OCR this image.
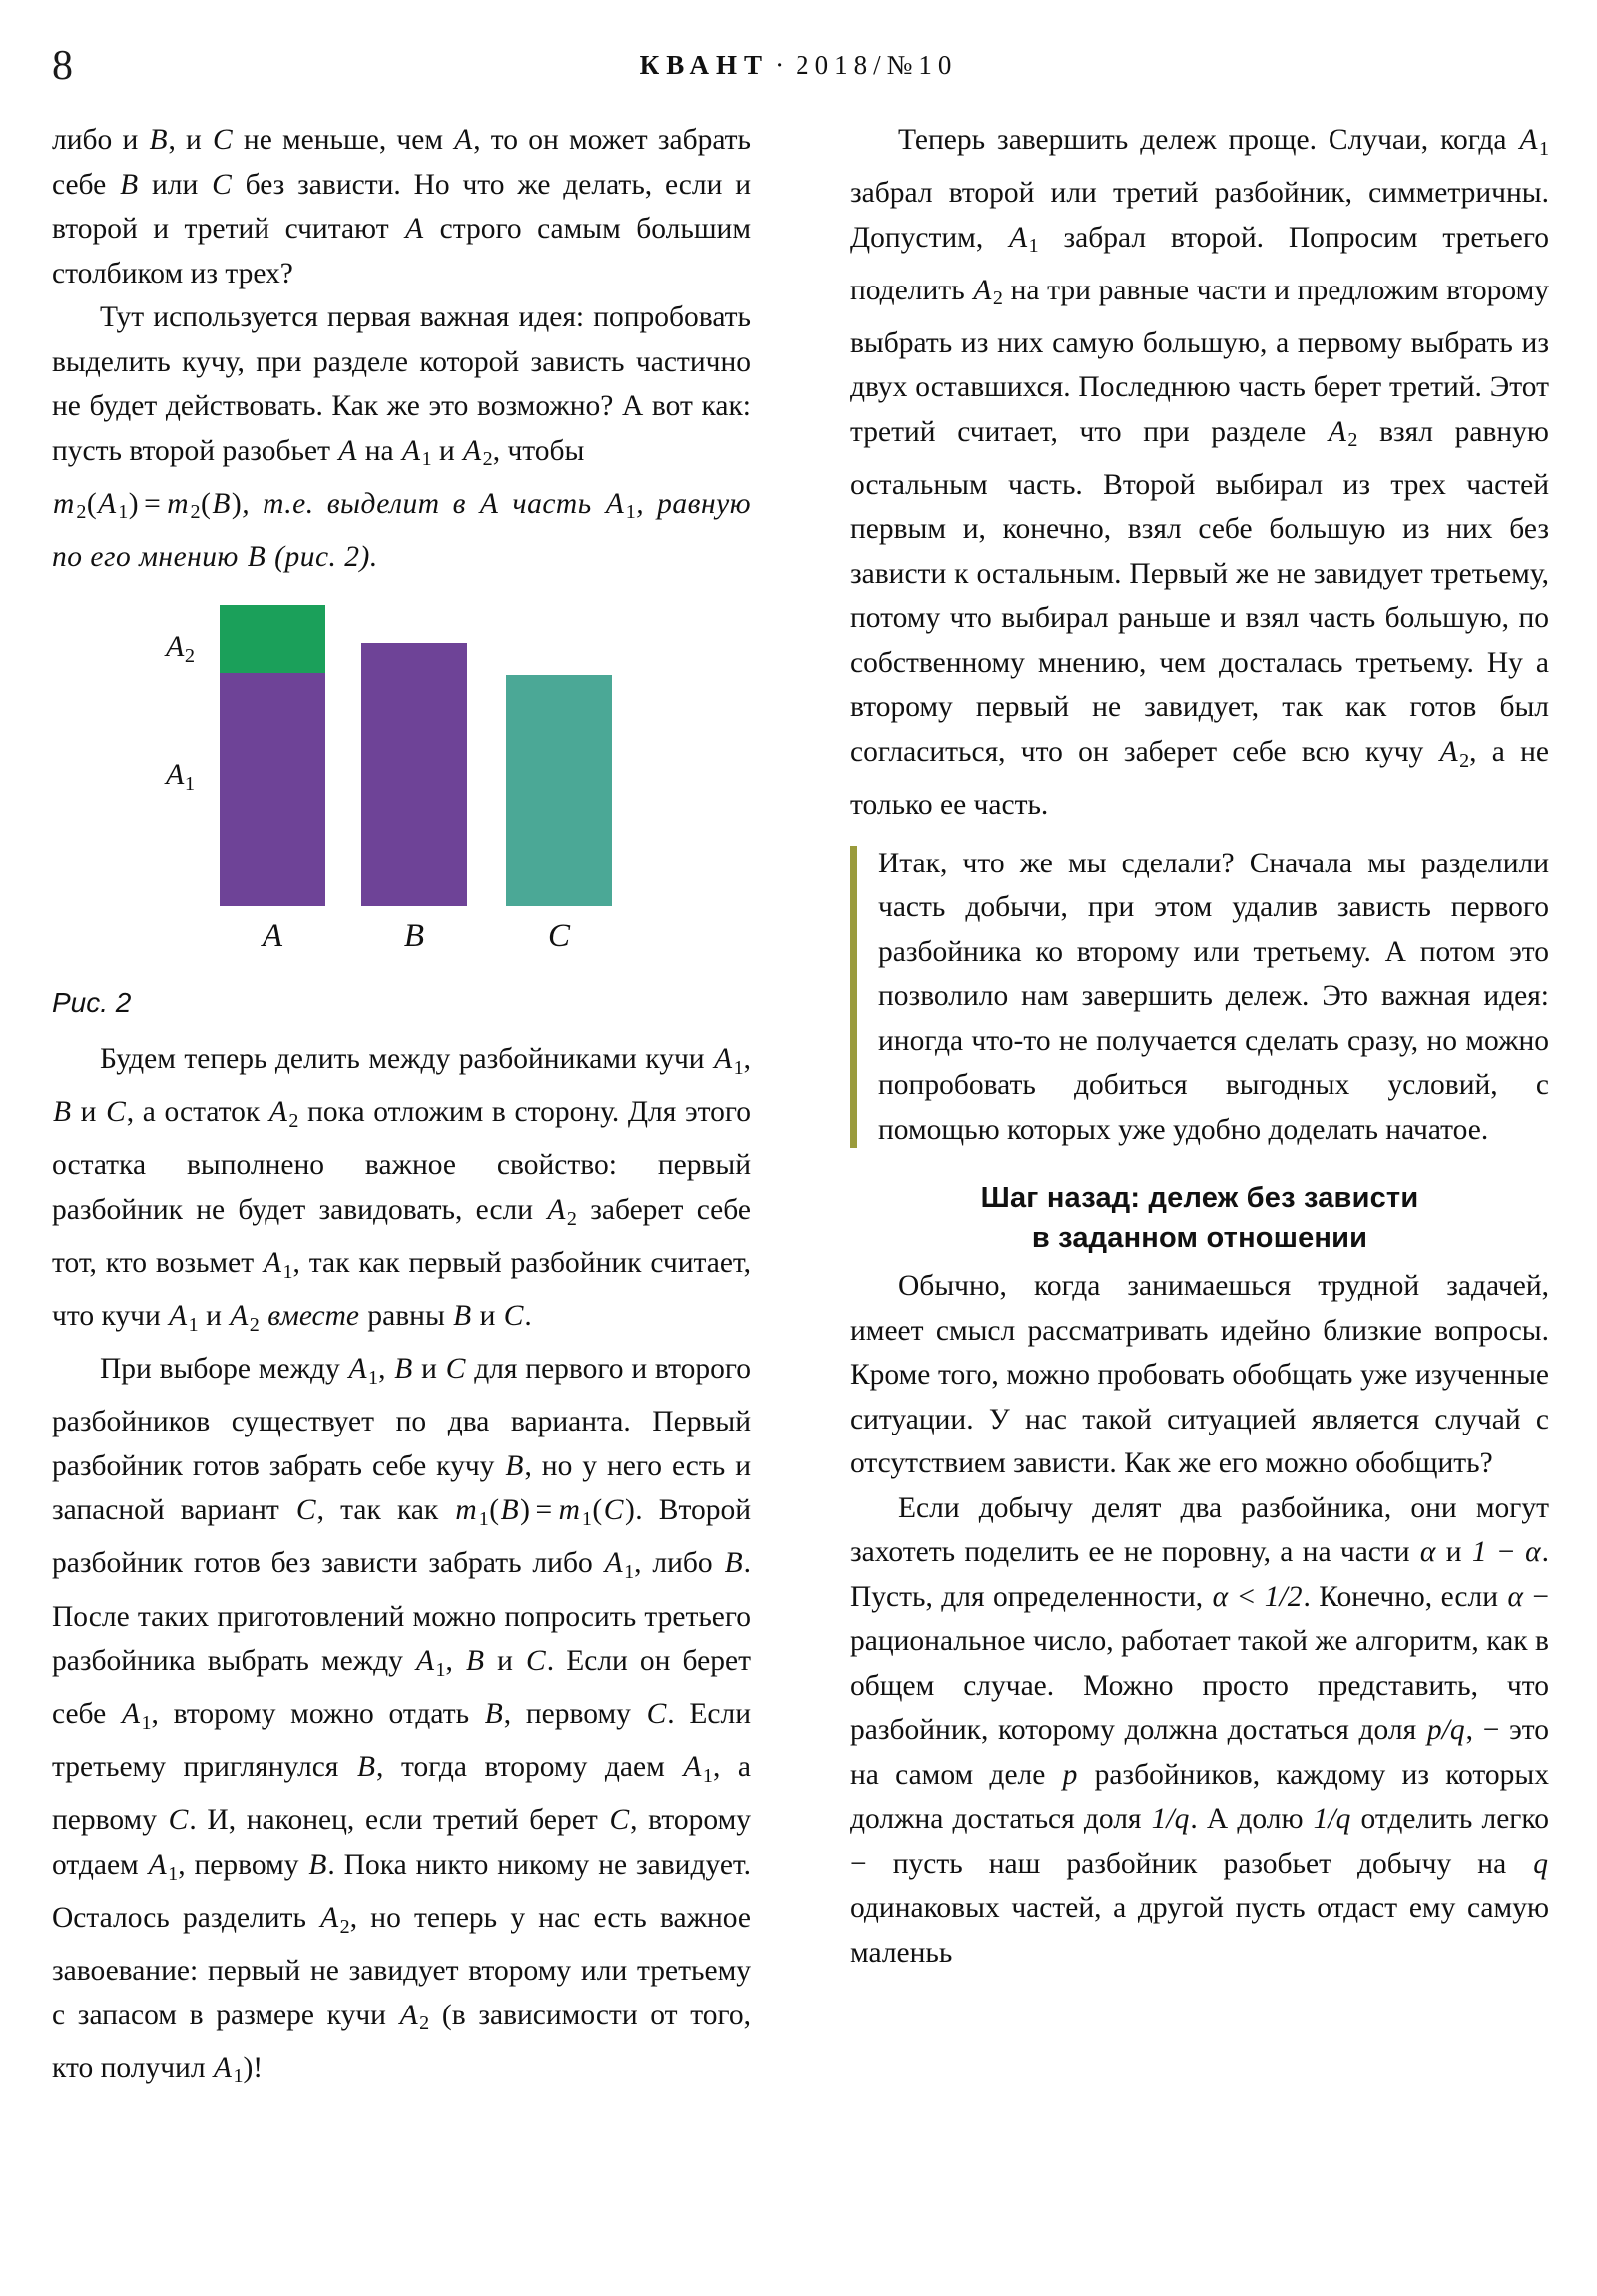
8	КВАНТ · 2018/№10

либо и B, и C не меньше, чем A, то он может забрать себе B или C без зависти. Но что же делать, если и второй и третий считают A строго самым большим столбиком из трех?

Тут используется первая важная идея: попробовать выделить кучу, при разделе которой зависть частично не будет действовать. Как же это возможно? А вот как: пусть второй разобьет A на A1 и A2, чтобы
m2(A1) = m2(B), т.е. выделит в A часть A1, равную по его мнению B (рис. 2).

A2
A1
A	B	C
Рис. 2

Будем теперь делить между разбойниками кучи A1, B и C, а остаток A2 пока отложим в сторону. Для этого остатка выполнено важное свойство: первый разбойник не будет завидовать, если A2 заберет себе тот, кто возьмет A1, так как первый разбойник считает, что кучи A1 и A2 вместе равны B и C.

При выборе между A1, B и C для первого и второго разбойников существует по два варианта. Первый разбойник готов забрать себе кучу B, но у него есть и запасной вариант C, так как m1(B) = m1(C). Второй разбойник готов без зависти забрать либо A1, либо B. После таких приготовлений можно попросить третьего разбойника выбрать между A1, B и C. Если он берет себе A1, второму можно отдать B, первому C. Если третьему приглянулся B, тогда второму даем A1, а первому C. И, наконец, если третий берет C, второму отдаем A1, первому B. Пока никто никому не завидует. Осталось разделить A2, но теперь у нас есть важное завоевание: первый не завидует второму или третьему с запасом в размере кучи A2 (в зависимости от того, кто получил A1)!

Теперь завершить дележ проще. Случаи, когда A1 забрал второй или третий разбойник, симметричны. Допустим, A1 забрал второй. Попросим третьего поделить A2 на три равные части и предложим второму выбрать из них самую большую, а первому выбрать из двух оставшихся. Последнюю часть берет третий. Этот третий считает, что при разделе A2 взял равную остальным часть. Второй выбирал из трех частей первым и, конечно, взял себе большую из них без зависти к остальным. Первый же не завидует третьему, потому что выбирал раньше и взял часть большую, по собственному мнению, чем досталась третьему. Ну а второму первый не завидует, так как готов был согласиться, что он заберет себе всю кучу A2, а не только ее часть.

Итак, что же мы сделали? Сначала мы разделили часть добычи, при этом удалив зависть первого разбойника ко второму или третьему. А потом это позволило нам завершить дележ. Это важная идея: иногда что-то не получается сделать сразу, но можно попробовать добиться выгодных условий, с помощью которых уже удобно доделать начатое.

Шаг назад: дележ без зависти
в заданном отношении

Обычно, когда занимаешься трудной задачей, имеет смысл рассматривать идейно близкие вопросы. Кроме того, можно пробовать обобщать уже изученные ситуации. У нас такой ситуацией является случай с отсутствием зависти. Как же его можно обобщить?

Если добычу делят два разбойника, они могут захотеть поделить ее не поровну, а на части α и 1 − α. Пусть, для определенности, α < 1/2. Конечно, если α − рациональное число, работает такой же алгоритм, как в общем случае. Можно просто представить, что разбойник, которому должна достаться доля p/q, − это на самом деле p разбойников, каждому из которых должна достаться доля 1/q. А долю 1/q отделить легко − пусть наш разбойник разобьет добычу на q одинаковых частей, а другой пусть отдаст ему самую маленьь
